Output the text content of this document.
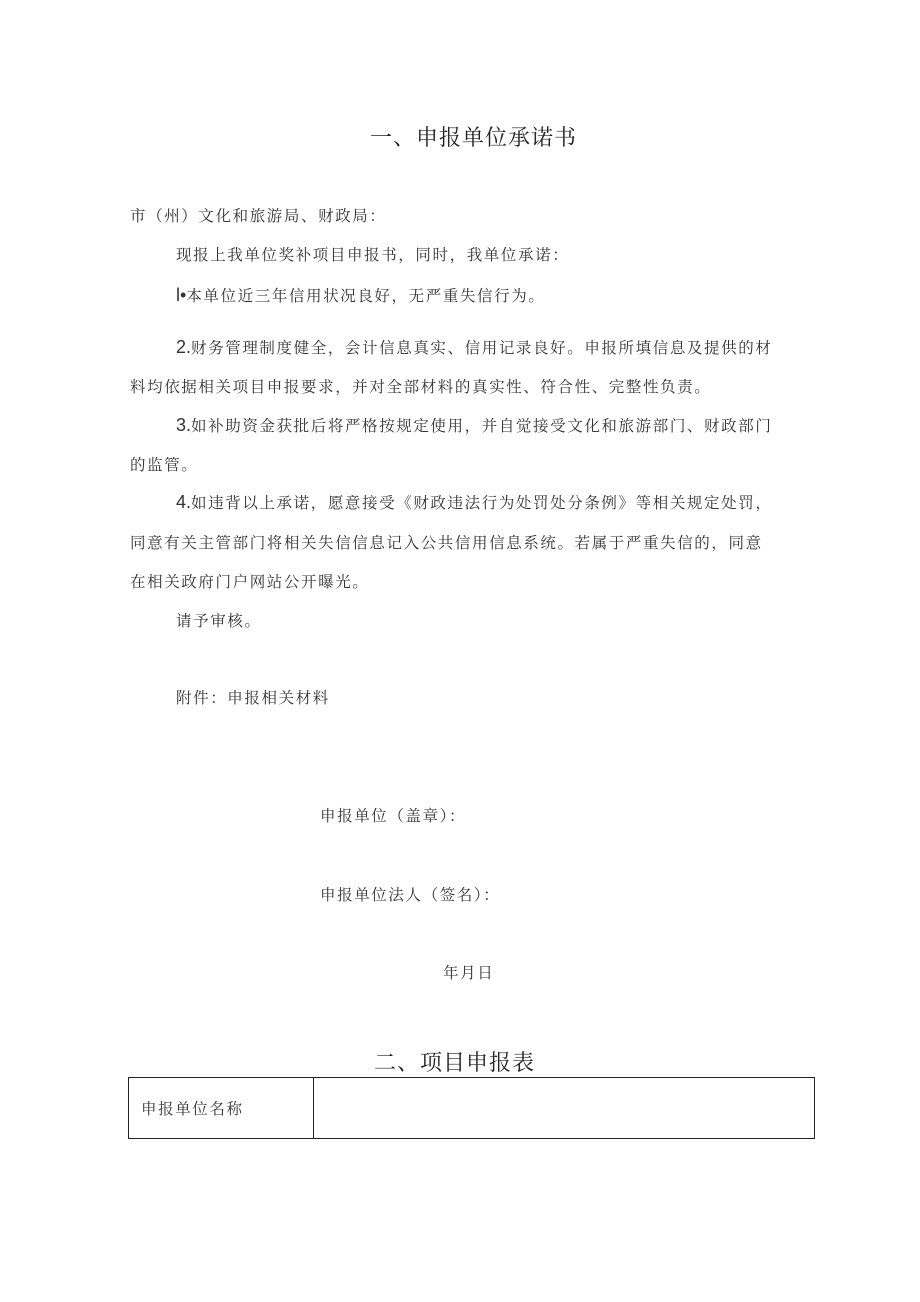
一、申报单位承诺书
市（州）文化和旅游局、财政局：
现报上我单位奖补项目申报书，同时，我单位承诺：
l•本单位近三年信用状况良好，无严重失信行为。
2.财务管理制度健全，会计信息真实、信用记录良好。申报所填信息及提供的材
料均依据相关项目申报要求，并对全部材料的真实性、符合性、完整性负责。
3.如补助资金获批后将严格按规定使用，并自觉接受文化和旅游部门、财政部门
的监管。
4.如违背以上承诺，愿意接受《财政违法行为处罚处分条例》等相关规定处罚，
同意有关主管部门将相关失信信息记入公共信用信息系统。若属于严重失信的，同意
在相关政府门户网站公开曝光。
请予审核。
附件：申报相关材料
申报单位（盖章）：
申报单位法人（签名）：
年月日
二、项目申报表
申报单位名称	
